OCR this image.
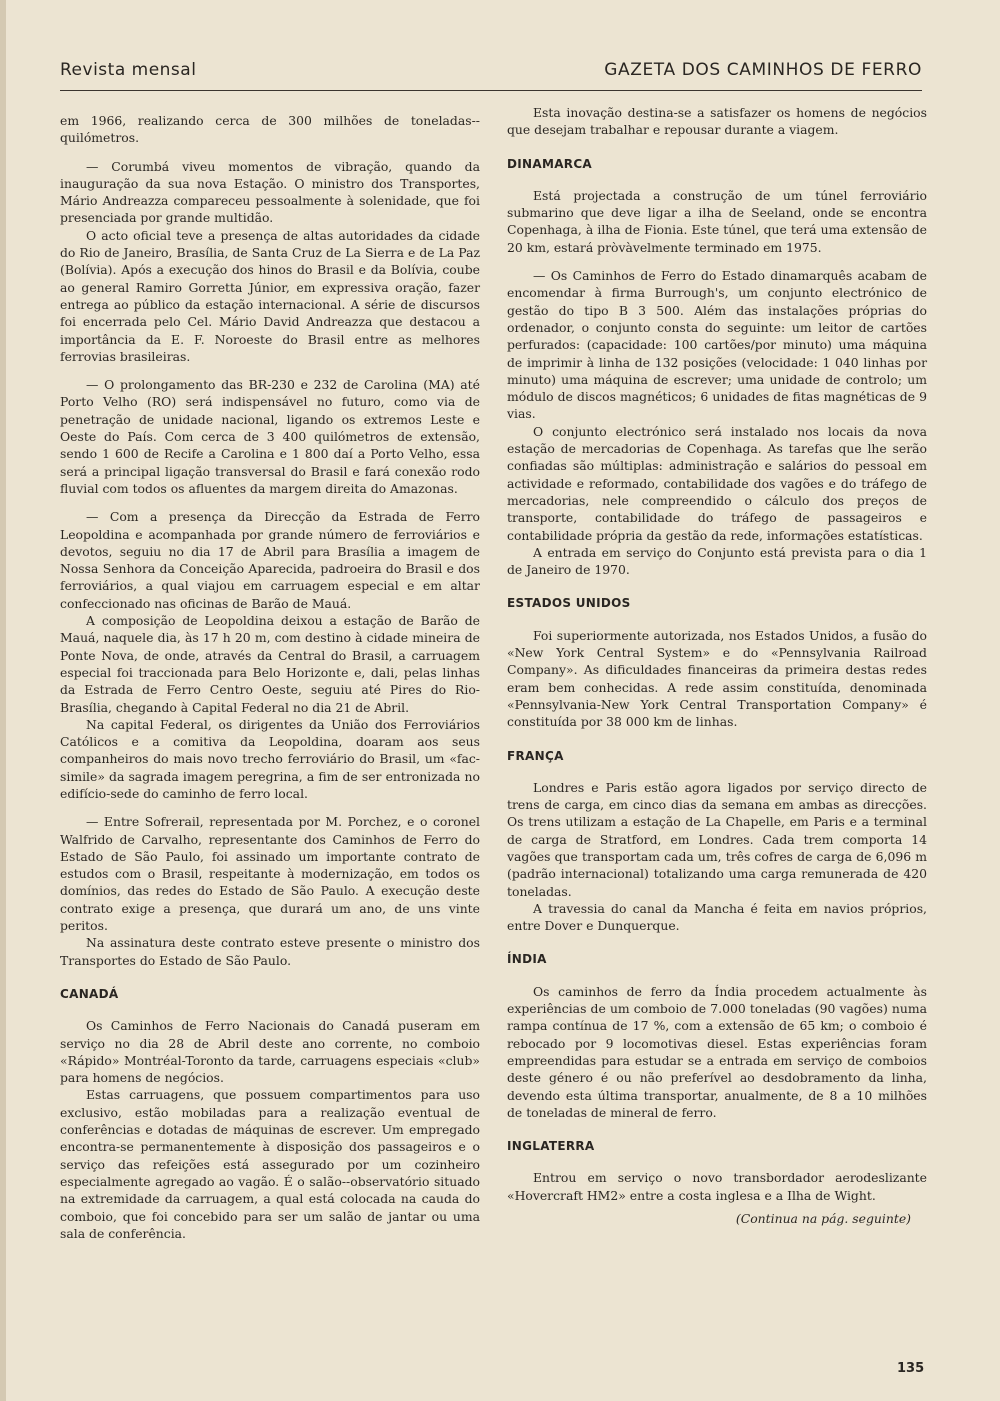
Revista mensal	GAZETA DOS CAMINHOS DE FERRO

em 1966, realizando cerca de 300 milhões de toneladas--quilómetros.

— Corumbá viveu momentos de vibração, quando da inauguração da sua nova Estação. O ministro dos Transportes, Mário Andreazza compareceu pessoalmente à solenidade, que foi presenciada por grande multidão.

O acto oficial teve a presença de altas autoridades da cidade do Rio de Janeiro, Brasília, de Santa Cruz de La Sierra e de La Paz (Bolívia). Após a execução dos hinos do Brasil e da Bolívia, coube ao general Ramiro Gorretta Júnior, em expressiva oração, fazer entrega ao público da estação internacional. A série de discursos foi encerrada pelo Cel. Mário David Andreazza que destacou a importância da E. F. Noroeste do Brasil entre as melhores ferrovias brasileiras.

— O prolongamento das BR-230 e 232 de Carolina (MA) até Porto Velho (RO) será indispensável no futuro, como via de penetração de unidade nacional, ligando os extremos Leste e Oeste do País. Com cerca de 3 400 quilómetros de extensão, sendo 1 600 de Recife a Carolina e 1 800 daí a Porto Velho, essa será a principal ligação transversal do Brasil e fará conexão rodo fluvial com todos os afluentes da margem direita do Amazonas.

— Com a presença da Direcção da Estrada de Ferro Leopoldina e acompanhada por grande número de ferroviários e devotos, seguiu no dia 17 de Abril para Brasília a imagem de Nossa Senhora da Conceição Aparecida, padroeira do Brasil e dos ferroviários, a qual viajou em carruagem especial e em altar confeccionado nas oficinas de Barão de Mauá.

A composição de Leopoldina deixou a estação de Barão de Mauá, naquele dia, às 17 h 20 m, com destino à cidade mineira de Ponte Nova, de onde, através da Central do Brasil, a carruagem especial foi traccionada para Belo Horizonte e, dali, pelas linhas da Estrada de Ferro Centro Oeste, seguiu até Pires do Rio-Brasília, chegando à Capital Federal no dia 21 de Abril.

Na capital Federal, os dirigentes da União dos Ferroviários Católicos e a comitiva da Leopoldina, doaram aos seus companheiros do mais novo trecho ferroviário do Brasil, um «fac-simile» da sagrada imagem peregrina, a fim de ser entronizada no edifício-sede do caminho de ferro local.

— Entre Sofrerail, representada por M. Porchez, e o coronel Walfrido de Carvalho, representante dos Caminhos de Ferro do Estado de São Paulo, foi assinado um importante contrato de estudos com o Brasil, respeitante à modernização, em todos os domínios, das redes do Estado de São Paulo. A execução deste contrato exige a presença, que durará um ano, de uns vinte peritos.

Na assinatura deste contrato esteve presente o ministro dos Transportes do Estado de São Paulo.

CANADÁ

Os Caminhos de Ferro Nacionais do Canadá puseram em serviço no dia 28 de Abril deste ano corrente, no comboio «Rápido» Montréal-Toronto da tarde, carruagens especiais «club» para homens de negócios.

Estas carruagens, que possuem compartimentos para uso exclusivo, estão mobiladas para a realização eventual de conferências e dotadas de máquinas de escrever. Um empregado encontra-se permanentemente à disposição dos passageiros e o serviço das refeições está assegurado por um cozinheiro especialmente agregado ao vagão. É o salão--observatório situado na extremidade da carruagem, a qual está colocada na cauda do comboio, que foi concebido para ser um salão de jantar ou uma sala de conferência.

Esta inovação destina-se a satisfazer os homens de negócios que desejam trabalhar e repousar durante a viagem.

DINAMARCA

Está projectada a construção de um túnel ferroviário submarino que deve ligar a ilha de Seeland, onde se encontra Copenhaga, à ilha de Fionia. Este túnel, que terá uma extensão de 20 km, estará pròvàvelmente terminado em 1975.

— Os Caminhos de Ferro do Estado dinamarquês acabam de encomendar à firma Burrough's, um conjunto electrónico de gestão do tipo B 3 500. Além das instalações próprias do ordenador, o conjunto consta do seguinte: um leitor de cartões perfurados: (capacidade: 100 cartões/por minuto) uma máquina de imprimir à linha de 132 posições (velocidade: 1 040 linhas por minuto) uma máquina de escrever; uma unidade de controlo; um módulo de discos magnéticos; 6 unidades de fitas magnéticas de 9 vias.

O conjunto electrónico será instalado nos locais da nova estação de mercadorias de Copenhaga. As tarefas que lhe serão confiadas são múltiplas: administração e salários do pessoal em actividade e reformado, contabilidade dos vagões e do tráfego de mercadorias, nele compreendido o cálculo dos preços de transporte, contabilidade do tráfego de passageiros e contabilidade própria da gestão da rede, informações estatísticas.

A entrada em serviço do Conjunto está prevista para o dia 1 de Janeiro de 1970.

ESTADOS UNIDOS

Foi superiormente autorizada, nos Estados Unidos, a fusão do «New York Central System» e do «Pennsylvania Railroad Company». As dificuldades financeiras da primeira destas redes eram bem conhecidas. A rede assim constituída, denominada «Pennsylvania-New York Central Transportation Company» é constituída por 38 000 km de linhas.

FRANÇA

Londres e Paris estão agora ligados por serviço directo de trens de carga, em cinco dias da semana em ambas as direcções. Os trens utilizam a estação de La Chapelle, em Paris e a terminal de carga de Stratford, em Londres. Cada trem comporta 14 vagões que transportam cada um, três cofres de carga de 6,096 m (padrão internacional) totalizando uma carga remunerada de 420 toneladas.

A travessia do canal da Mancha é feita em navios próprios, entre Dover e Dunquerque.

ÍNDIA

Os caminhos de ferro da Índia procedem actualmente às experiências de um comboio de 7.000 toneladas (90 vagões) numa rampa contínua de 17 %, com a extensão de 65 km; o comboio é rebocado por 9 locomotivas diesel. Estas experiências foram empreendidas para estudar se a entrada em serviço de comboios deste género é ou não preferível ao desdobramento da linha, devendo esta última transportar, anualmente, de 8 a 10 milhões de toneladas de mineral de ferro.

INGLATERRA

Entrou em serviço o novo transbordador aerodeslizante «Hovercraft HM2» entre a costa inglesa e a Ilha de Wight.

(Continua na pág. seguinte)
135
